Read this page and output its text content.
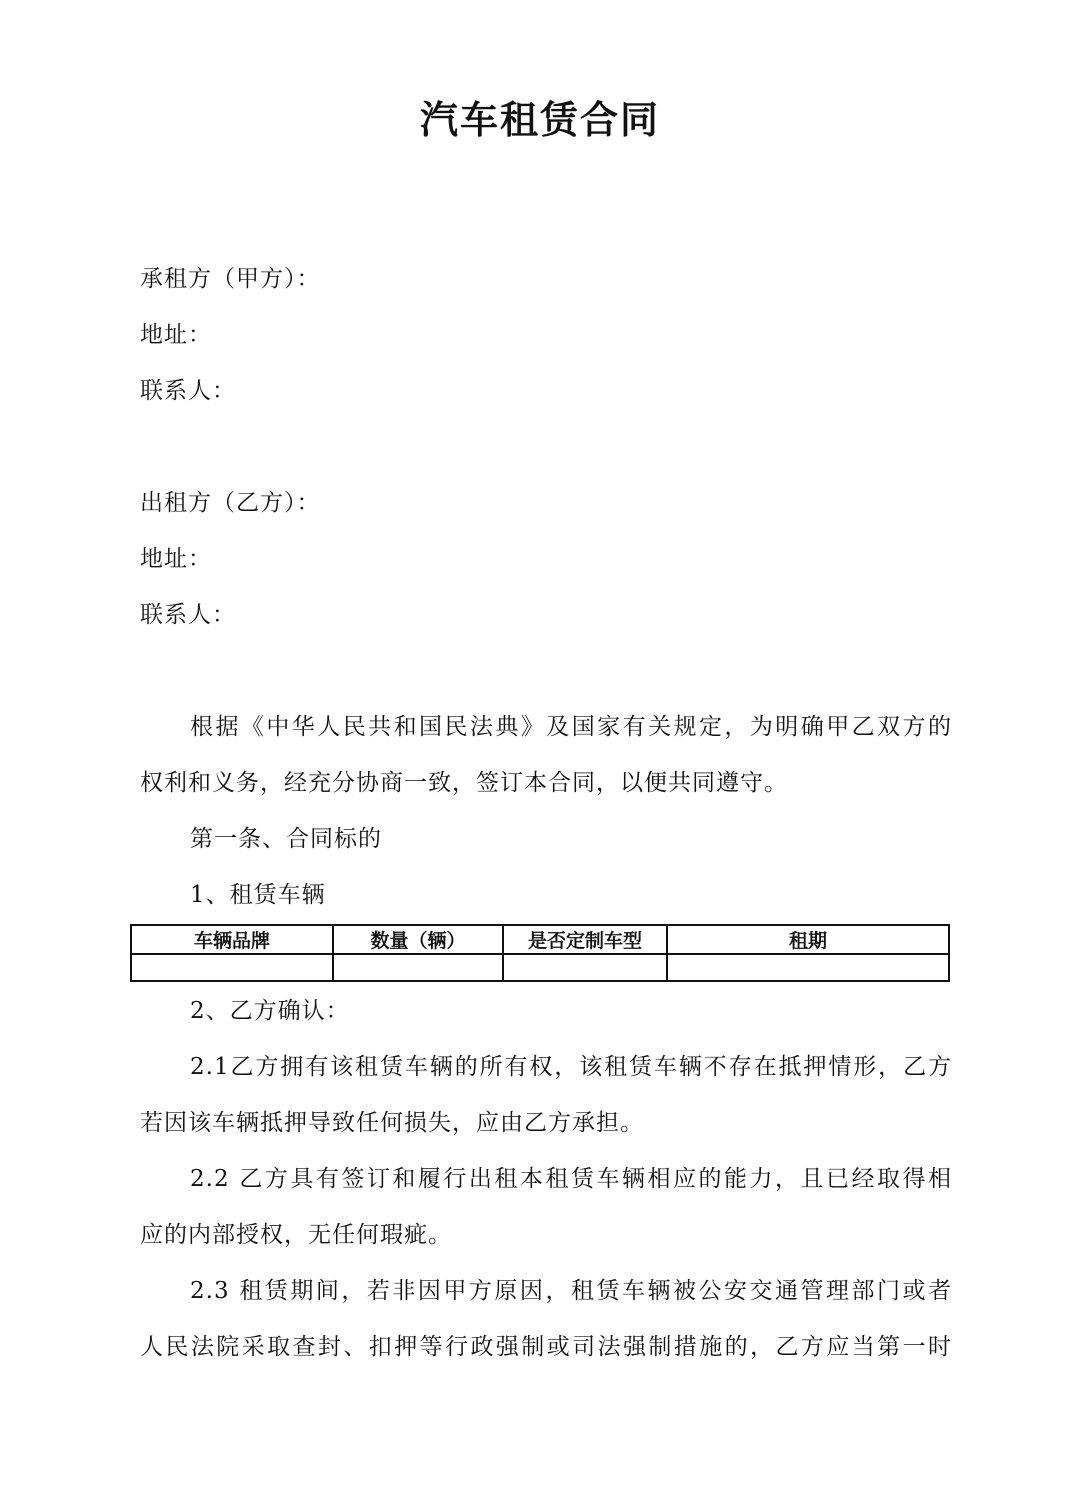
汽车租赁合同
承租方（甲方）：
地址：
联系人：
出租方（乙方）：
地址：
联系人：
根据《中华人民共和国民法典》及国家有关规定，为明确甲乙双方的
权利和义务，经充分协商一致，签订本合同，以便共同遵守。
第一条、合同标的
1、租赁车辆
车辆品牌	数量（辆）	是否定制车型	租期

2、乙方确认：
2.1乙方拥有该租赁车辆的所有权，该租赁车辆不存在抵押情形，乙方
若因该车辆抵押导致任何损失，应由乙方承担。
2.2 乙方具有签订和履行出租本租赁车辆相应的能力，且已经取得相
应的内部授权，无任何瑕疵。
2.3 租赁期间，若非因甲方原因，租赁车辆被公安交通管理部门或者
人民法院采取查封、扣押等行政强制或司法强制措施的，乙方应当第一时
